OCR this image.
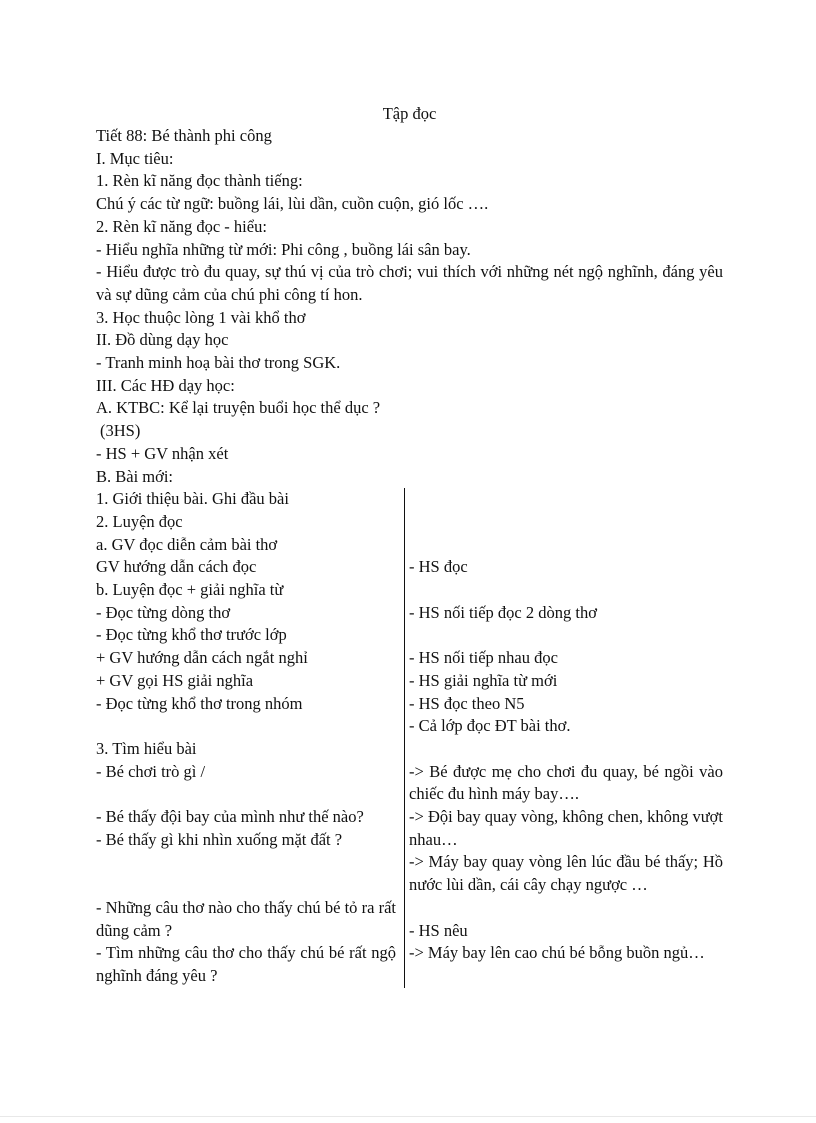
Tập đọc
Tiết 88: Bé thành phi công
I. Mục tiêu:
1. Rèn kĩ năng đọc thành tiếng:
Chú ý các từ ngữ: buồng lái, lùi dần, cuồn cuộn, gió lốc ….
2. Rèn kĩ năng đọc - hiểu:
- Hiểu nghĩa những từ mới: Phi công , buồng lái sân bay.
- Hiểu được trò đu quay, sự thú vị của trò chơi; vui thích với những nét ngộ nghĩnh, đáng yêu và sự dũng cảm của chú phi công tí hon.
3. Học thuộc lòng 1 vài khổ thơ
II. Đồ dùng dạy học
- Tranh minh hoạ bài thơ trong SGK.
III. Các HĐ dạy học:
A. KTBC: Kể lại truyện buổi học thể dục ?
(3HS)
- HS + GV nhận xét
B. Bài mới:
1. Giới thiệu bài. Ghi đầu bài
2. Luyện đọc
a. GV đọc diễn cảm bài thơ
GV hướng dẫn cách đọc
b. Luyện đọc + giải nghĩa từ
- Đọc từng dòng thơ
- Đọc từng khổ thơ trước lớp
+ GV hướng dẫn cách ngắt nghỉ
+ GV gọi HS giải nghĩa
- Đọc từng khổ thơ trong nhóm
3. Tìm hiểu bài
- Bé chơi trò gì /
- Bé thấy đội bay của mình như thế nào?
- Bé thấy gì khi nhìn xuống mặt đất ?
- Những câu thơ nào cho thấy chú bé tỏ ra rất dũng cảm ?
- Tìm những câu thơ cho thấy chú bé rất ngộ nghĩnh đáng yêu ?
- HS đọc
- HS nối tiếp đọc 2 dòng thơ
- HS nối tiếp nhau đọc
- HS giải nghĩa từ mới
- HS đọc theo N5
- Cả lớp đọc ĐT bài thơ.
-> Bé được mẹ cho chơi đu quay, bé ngồi vào chiếc đu hình máy bay….
-> Đội bay quay vòng, không chen, không vượt nhau…
-> Máy bay quay vòng lên lúc đầu bé thấy; Hồ nước lùi dần, cái cây chạy ngược …
- HS nêu
-> Máy bay lên cao chú bé bỗng buồn ngủ…
